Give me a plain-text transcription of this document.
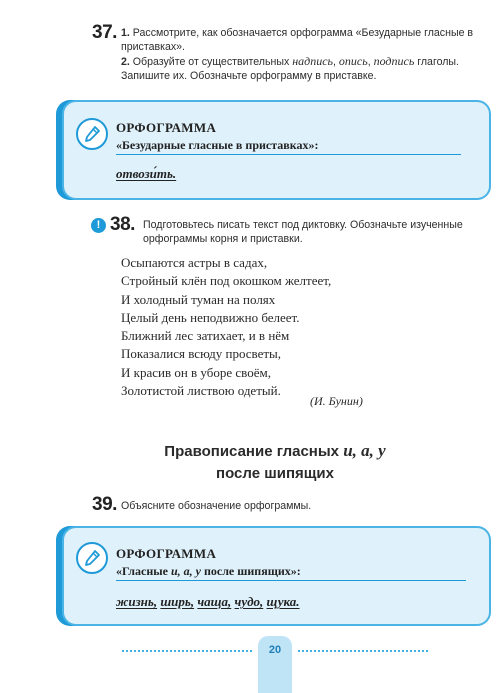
37. 1. Рассмотрите, как обозначается орфограмма «Безударные гласные в приставках».
2. Образуйте от существительных надпись, опись, подпись глаголы.
Запишите их. Обозначьте орфограмму в приставке.
ОРФОГРАММА
«Безударные гласные в приставках»:
отвози́ть.
! 38. Подготовьтесь писать текст под диктовку. Обозначьте изученные орфограммы корня и приставки.
Осыпаются астры в садах,
Стройный клён под окошком желтеет,
И холодный туман на полях
Целый день неподвижно белеет.
Ближний лес затихает, и в нём
Показалися всюду просветы,
И красив он в уборе своём,
Золотистой листвою одетый.
(И. Бунин)
Правописание гласных и, а, у
после шипящих
39. Объясните обозначение орфограммы.
ОРФОГРАММА
«Гласные и, а, у после шипящих»:
жизнь, ширь, чаща, чудо, щука.
20
